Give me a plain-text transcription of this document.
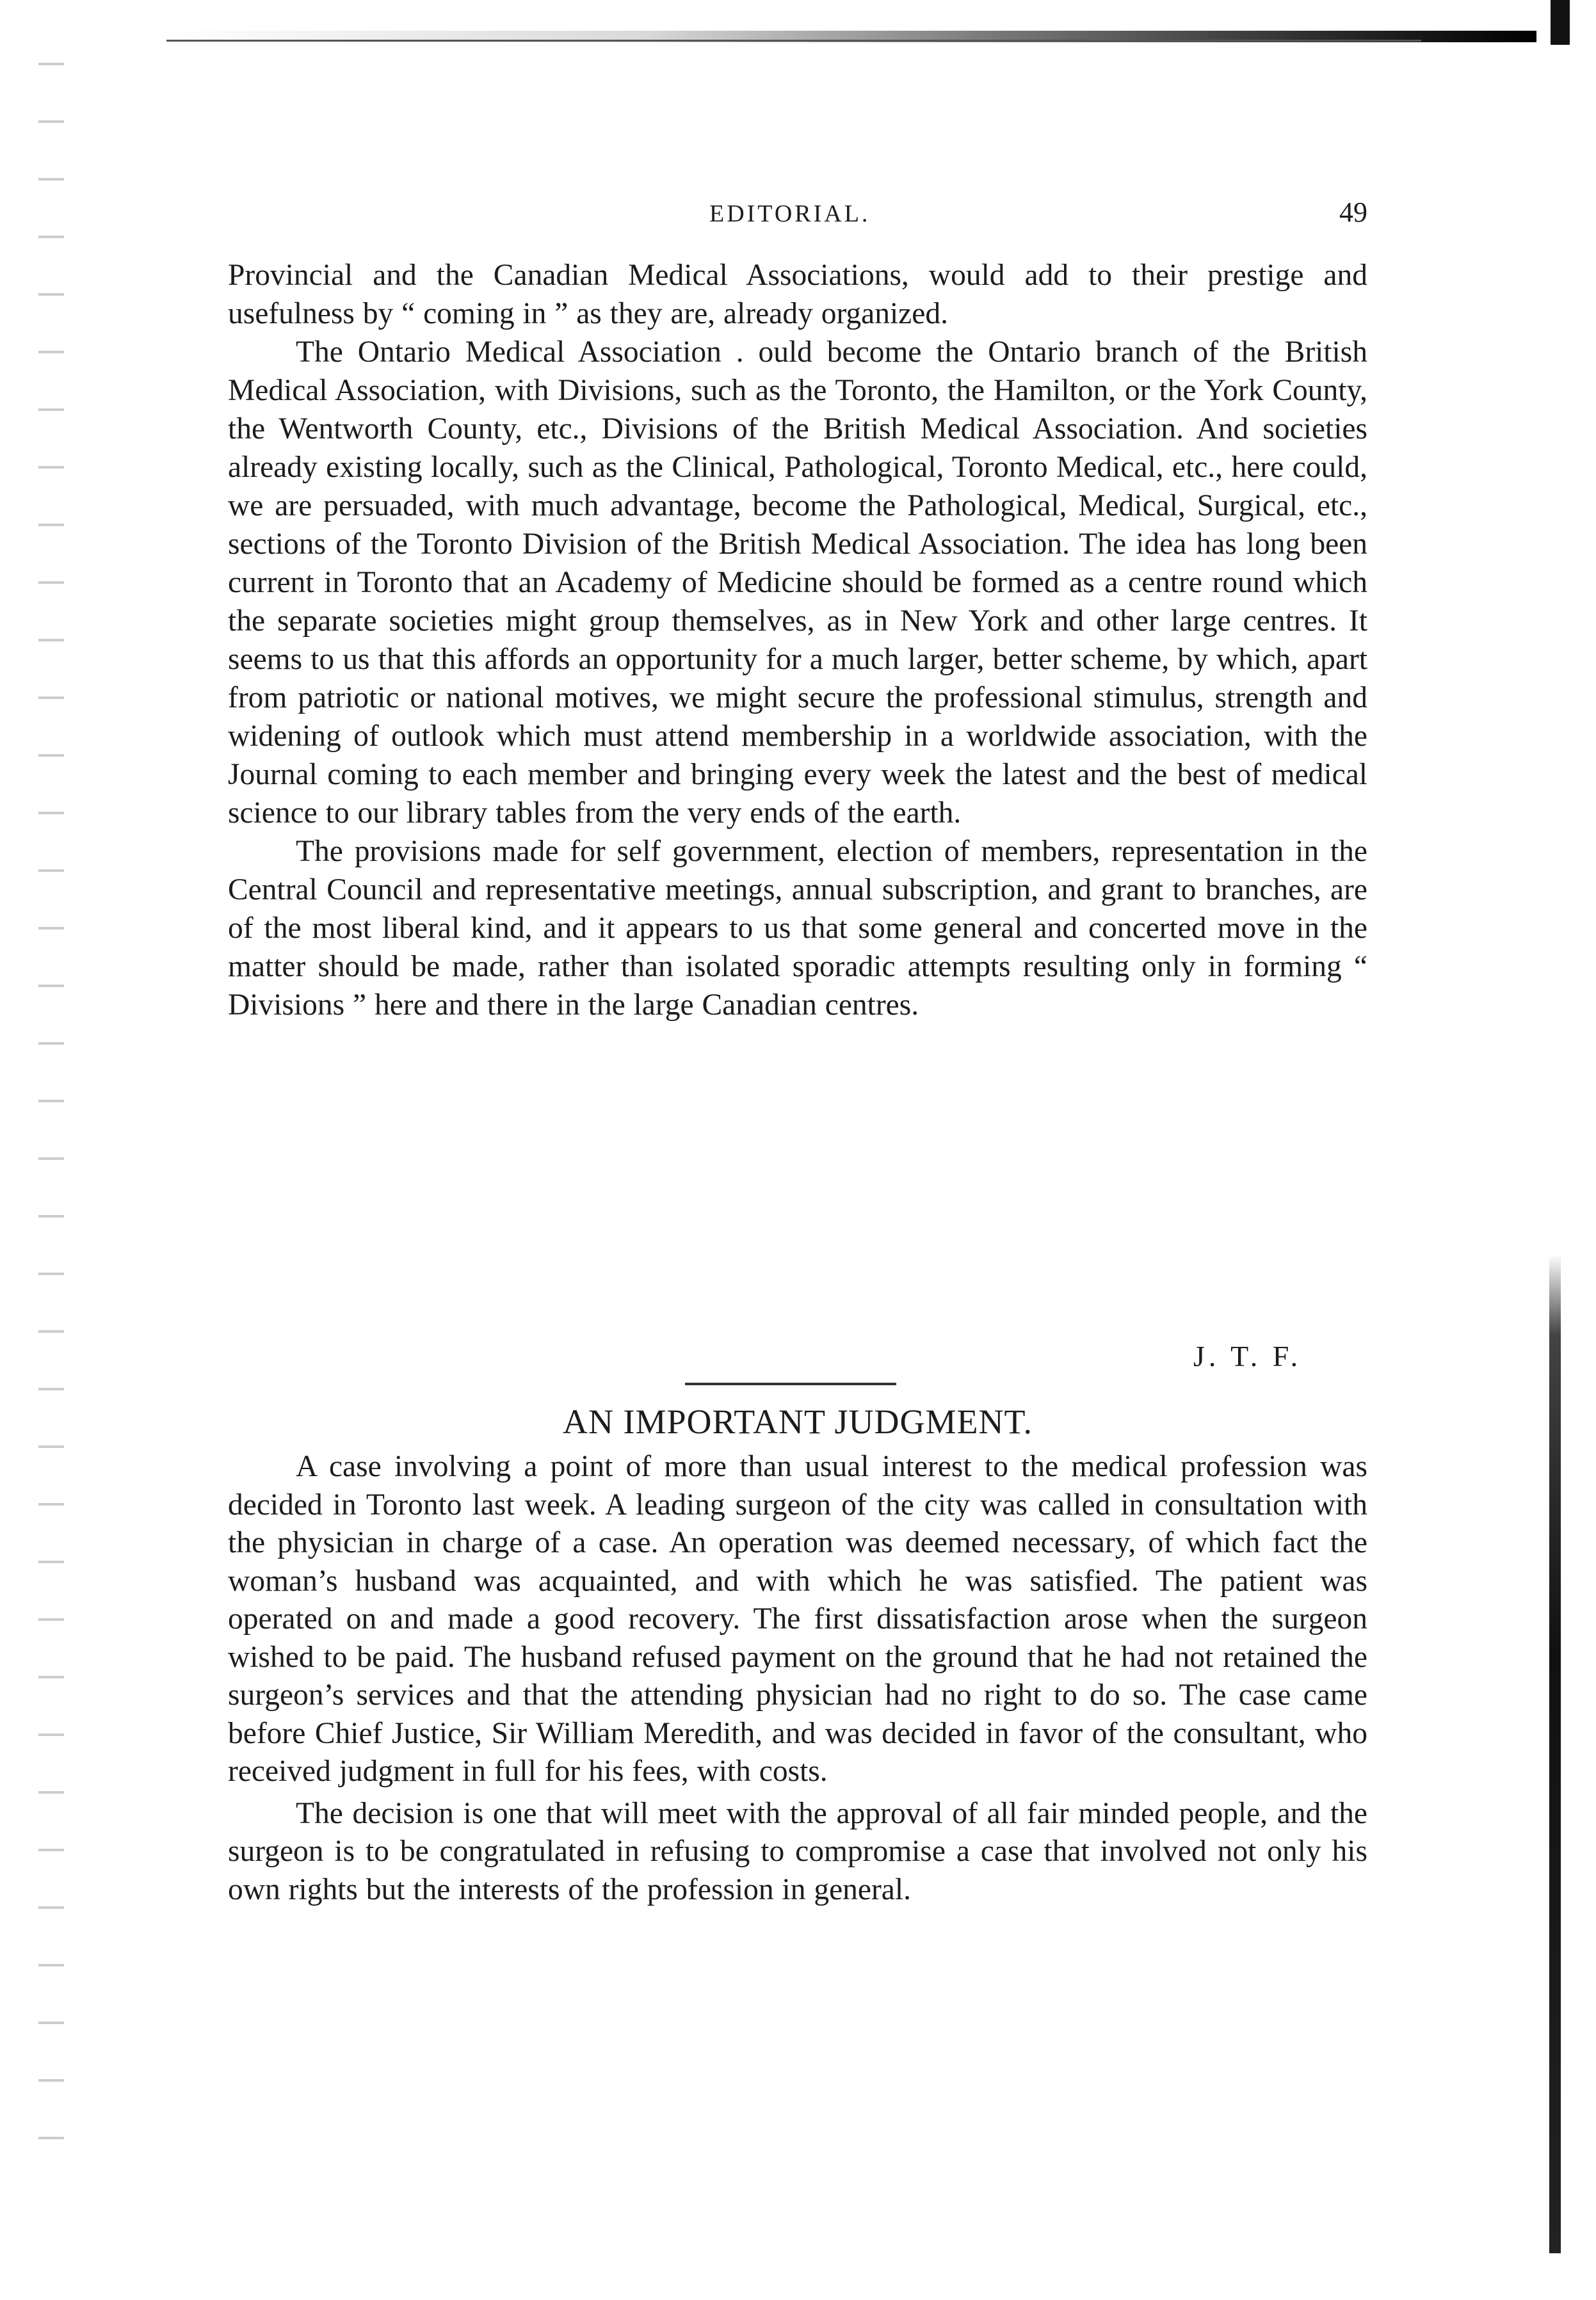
EDITORIAL.	49

Provincial and the Canadian Medical Associations, would add to their prestige and usefulness by “ coming in ” as they are, already organized.

The Ontario Medical Association . ould become the Ontario branch of the British Medical Association, with Divisions, such as the Toronto, the Hamilton, or the York County, the Wentworth County, etc., Divisions of the British Medical Association. And societies already existing locally, such as the Clinical, Pathological, Toronto Medical, etc., here could, we are persuaded, with much advantage, become the Pathological, Medical, Surgical, etc., sections of the Toronto Division of the British Medical Association. The idea has long been current in Toronto that an Academy of Medicine should be formed as a centre round which the separate societies might group themselves, as in New York and other large centres. It seems to us that this affords an opportunity for a much larger, better scheme, by which, apart from patriotic or national motives, we might secure the professional stimulus, strength and widening of outlook which must attend membership in a worldwide association, with the Journal coming to each member and bringing every week the latest and the best of medical science to our library tables from the very ends of the earth.

The provisions made for self government, election of members, representation in the Central Council and representative meetings, annual subscription, and grant to branches, are of the most liberal kind, and it appears to us that some general and concerted move in the matter should be made, rather than isolated sporadic attempts resulting only in forming “ Divisions ” here and there in the large Canadian centres.

J. T. F.
AN IMPORTANT JUDGMENT.

A case involving a point of more than usual interest to the medical profession was decided in Toronto last week. A leading surgeon of the city was called in consultation with the physician in charge of a case. An operation was deemed necessary, of which fact the woman’s husband was acquainted, and with which he was satisfied. The patient was operated on and made a good recovery. The first dissatisfaction arose when the surgeon wished to be paid. The husband refused payment on the ground that he had not retained the surgeon’s services and that the attending physician had no right to do so. The case came before Chief Justice, Sir William Meredith, and was decided in favor of the consultant, who received judgment in full for his fees, with costs.

The decision is one that will meet with the approval of all fair minded people, and the surgeon is to be congratulated in refusing to compromise a case that involved not only his own rights but the interests of the profession in general.
